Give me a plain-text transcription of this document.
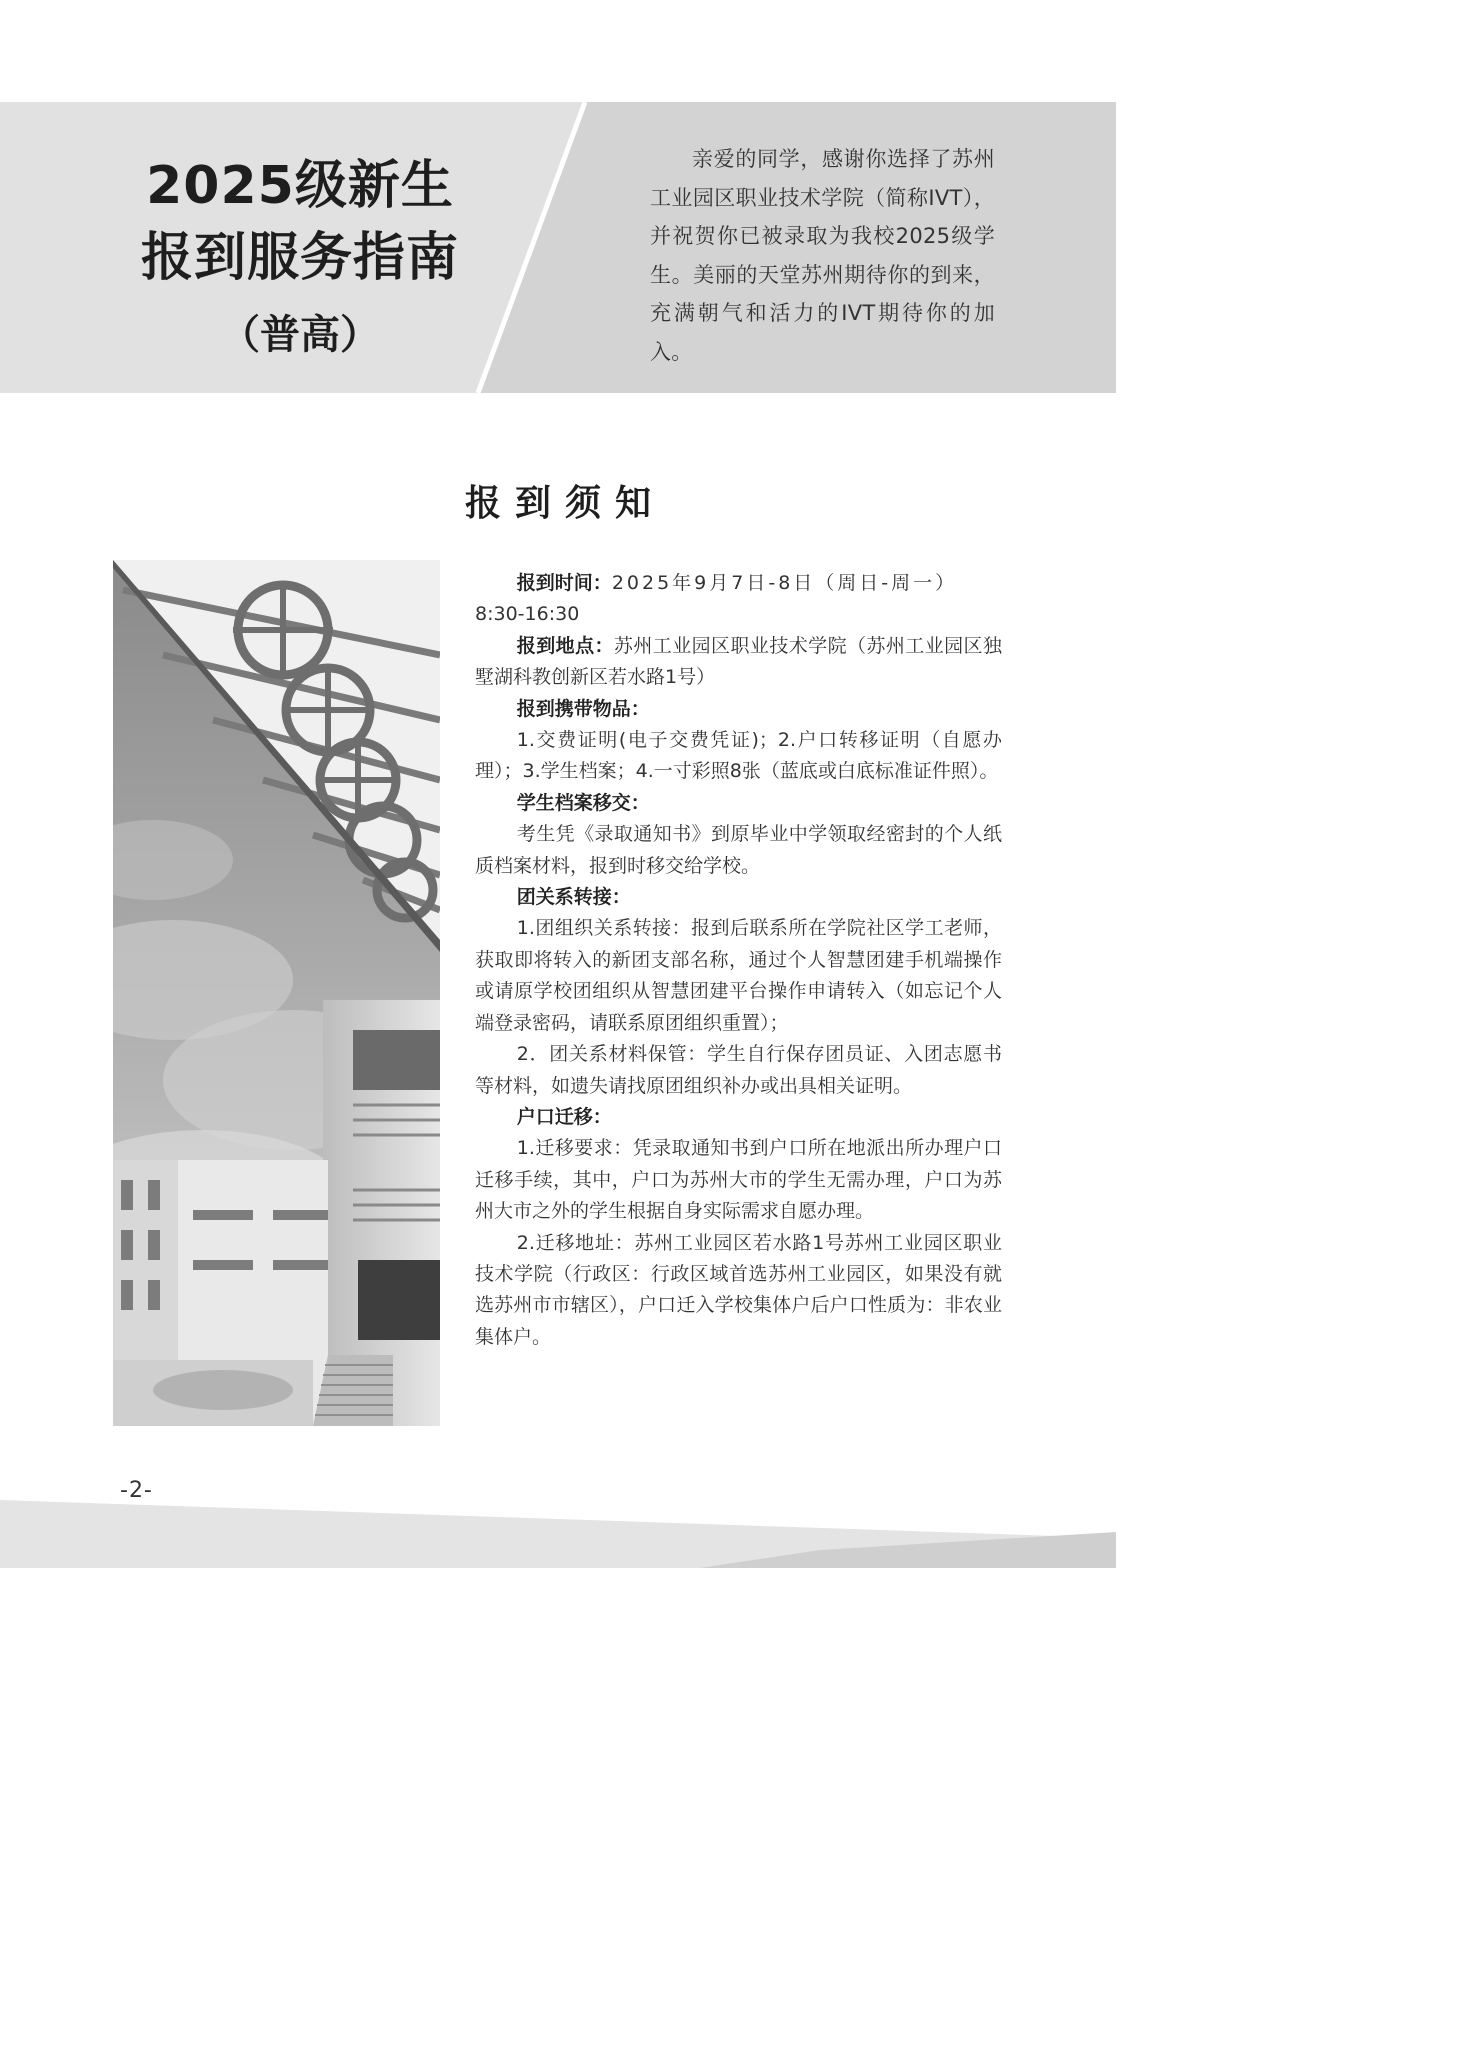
2025级新生
报到服务指南
（普高）

亲爱的同学，感谢你选择了苏州工业园区职业技术学院（简称IVT），并祝贺你已被录取为我校2025级学生。美丽的天堂苏州期待你的到来，充满朝气和活力的IVT期待你的加入。

报到须知

报到时间：2025年9月7日-8日（周日-周一）

8:30-16:30

报到地点：苏州工业园区职业技术学院（苏州工业园区独墅湖科教创新区若水路1号）

报到携带物品：

1.交费证明(电子交费凭证)；2.户口转移证明（自愿办理）；3.学生档案；4.一寸彩照8张（蓝底或白底标准证件照）。

学生档案移交：

考生凭《录取通知书》到原毕业中学领取经密封的个人纸质档案材料，报到时移交给学校。

团关系转接：

1.团组织关系转接：报到后联系所在学院社区学工老师，获取即将转入的新团支部名称，通过个人智慧团建手机端操作或请原学校团组织从智慧团建平台操作申请转入（如忘记个人端登录密码，请联系原团组织重置）；

2．团关系材料保管：学生自行保存团员证、入团志愿书等材料，如遗失请找原团组织补办或出具相关证明。

户口迁移：

1.迁移要求：凭录取通知书到户口所在地派出所办理户口迁移手续，其中，户口为苏州大市的学生无需办理，户口为苏州大市之外的学生根据自身实际需求自愿办理。

2.迁移地址：苏州工业园区若水路1号苏州工业园区职业技术学院（行政区：行政区域首选苏州工业园区，如果没有就选苏州市市辖区），户口迁入学校集体户后户口性质为：非农业集体户。

-2-
